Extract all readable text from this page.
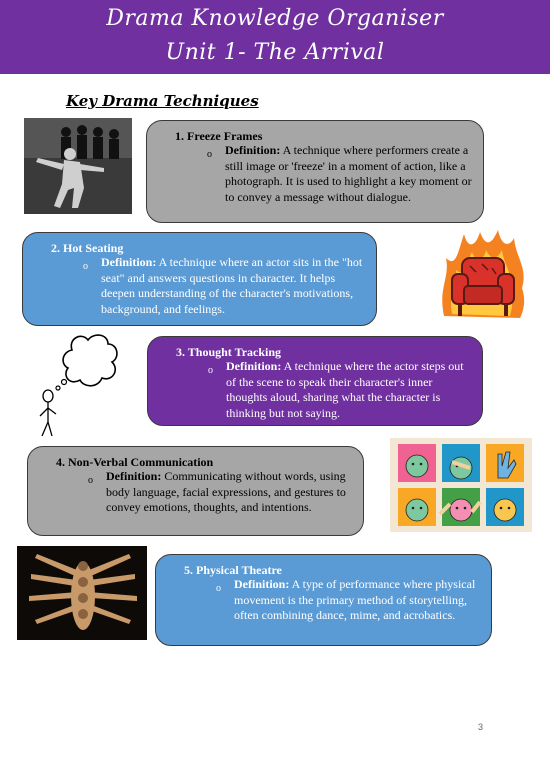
Drama Knowledge Organiser
Unit 1- The Arrival
Key Drama Techniques
1. Freeze Frames
o Definition: A technique where performers create a still image or 'freeze' in a moment of action, like a photograph. It is used to highlight a key moment or to convey a message without dialogue.
2. Hot Seating
o Definition: A technique where an actor sits in the "hot seat" and answers questions in character. It helps deepen understanding of the character's motivations, background, and feelings.
3. Thought Tracking
o Definition: A technique where the actor steps out of the scene to speak their character's inner thoughts aloud, sharing what the character is thinking but not saying.
4. Non-Verbal Communication
o Definition: Communicating without words, using body language, facial expressions, and gestures to convey emotions, thoughts, and intentions.
5. Physical Theatre
o Definition: A type of performance where physical movement is the primary method of storytelling, often combining dance, mime, and acrobatics.
3
